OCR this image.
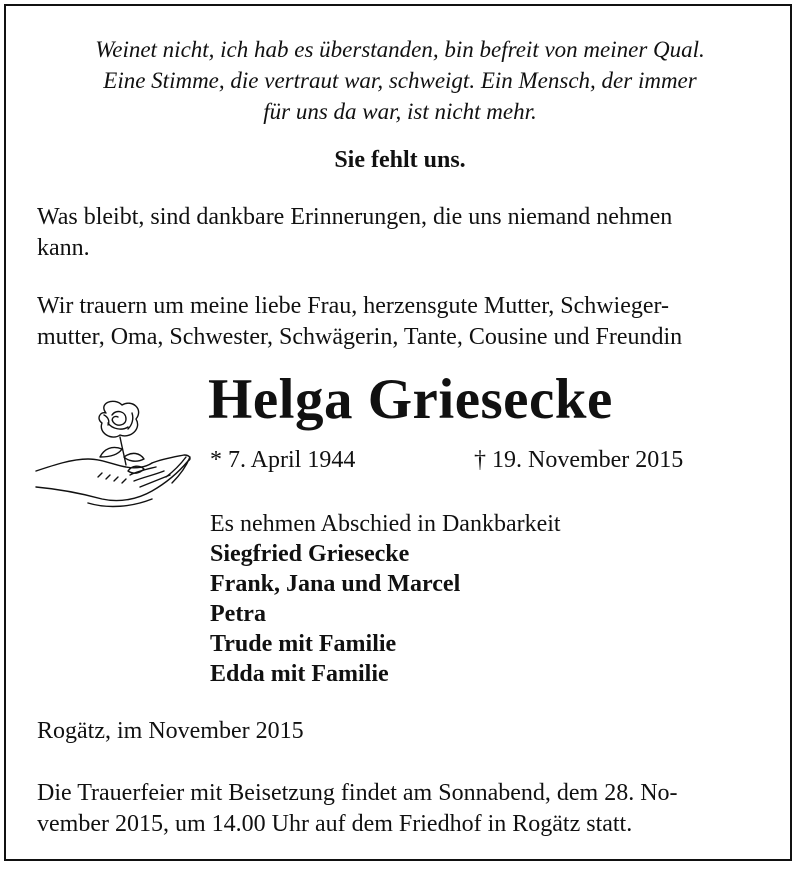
Weinet nicht, ich hab es überstanden, bin befreit von meiner Qual.
Eine Stimme, die vertraut war, schweigt. Ein Mensch, der immer
für uns da war, ist nicht mehr.
Sie fehlt uns.
Was bleibt, sind dankbare Erinnerungen, die uns niemand nehmen
kann.
Wir trauern um meine liebe Frau, herzensgute Mutter, Schwieger-
mutter, Oma, Schwester, Schwägerin, Tante, Cousine und Freundin
Helga Griesecke
* 7. April 1944	† 19. November 2015
Es nehmen Abschied in Dankbarkeit
Siegfried Griesecke
Frank, Jana und Marcel
Petra
Trude mit Familie
Edda mit Familie
Rogätz, im November 2015
Die Trauerfeier mit Beisetzung findet am Sonnabend, dem 28. No-
vember 2015, um 14.00 Uhr auf dem Friedhof in Rogätz statt.
